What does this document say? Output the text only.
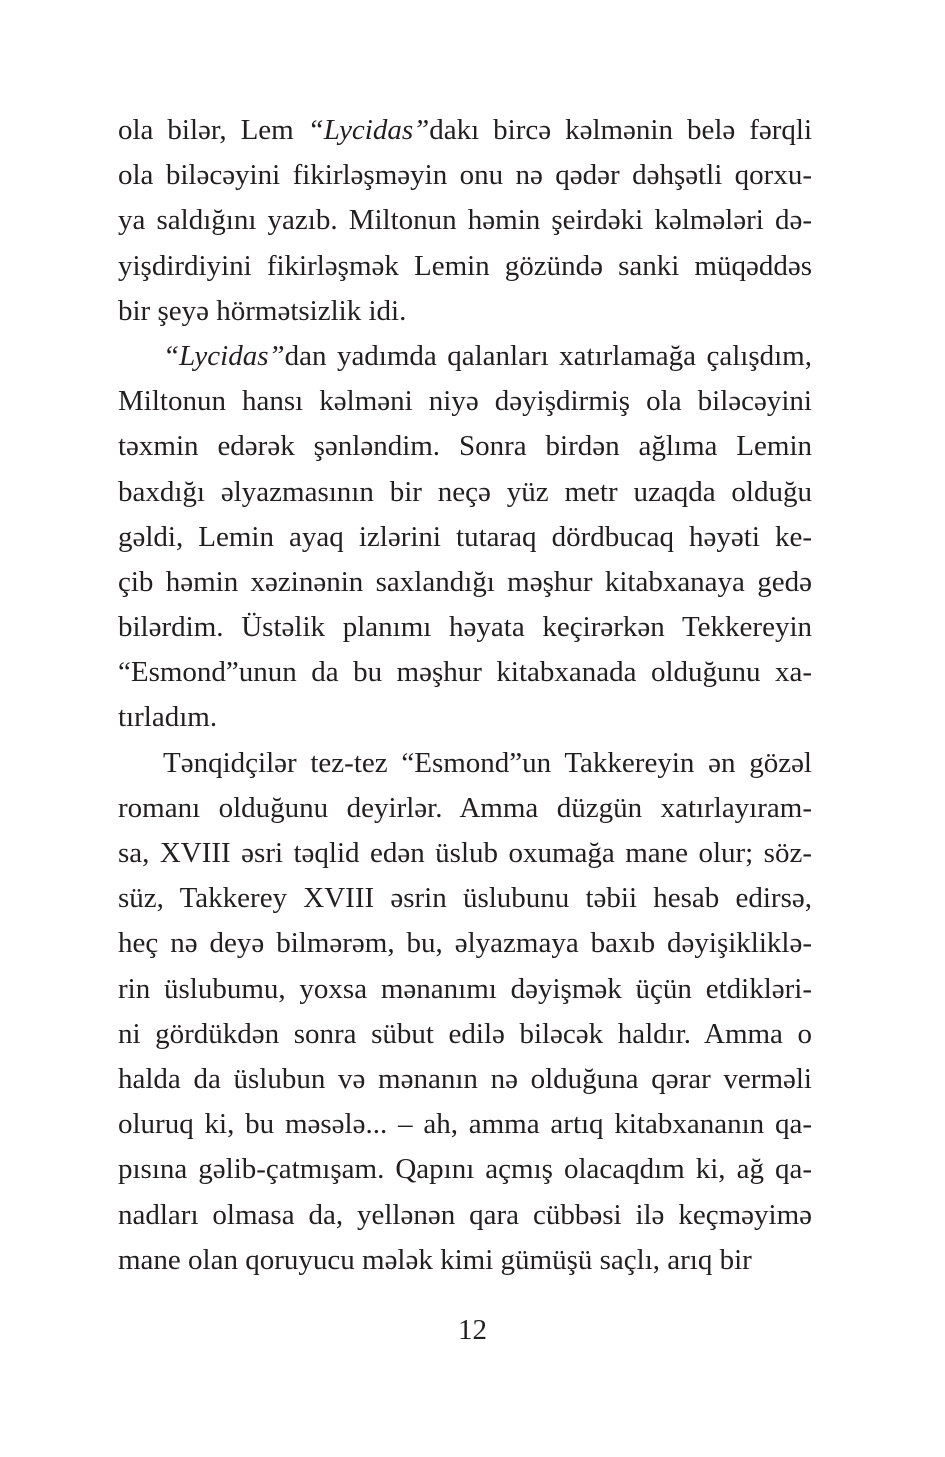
ola bilər, Lem “Lycidas”dakı bircə kəlmənin belə fərqli
ola biləcəyini fikirləşməyin onu nə qədər dəhşətli qorxu-
ya saldığını yazıb. Miltonun həmin şeirdəki kəlmələri də-
yişdirdiyini fikirləşmək Lemin gözündə sanki müqəddəs
bir şeyə hörmətsizlik idi.
“Lycidas”dan yadımda qalanları xatırlamağa çalışdım,
Miltonun hansı kəlməni niyə dəyişdirmiş ola biləcəyini
təxmin edərək şənləndim. Sonra birdən ağlıma Lemin
baxdığı əlyazmasının bir neçə yüz metr uzaqda olduğu
gəldi, Lemin ayaq izlərini tutaraq dördbucaq həyəti ke-
çib həmin xəzinənin saxlandığı məşhur kitabxanaya gedə
bilərdim. Üstəlik planımı həyata keçirərkən Tekkereyin
“Esmond”unun da bu məşhur kitabxanada olduğunu xa-
tırladım.
Tənqidçilər tez-tez “Esmond”un Takkereyin ən gözəl
romanı olduğunu deyirlər. Amma düzgün xatırlayıram-
sa, XVIII əsri təqlid edən üslub oxumağa mane olur; söz-
süz, Takkerey XVIII əsrin üslubunu təbii hesab edirsə,
heç nə deyə bilmərəm, bu, əlyazmaya baxıb dəyişikliklə-
rin üslubumu, yoxsa mənanımı dəyişmək üçün etdikləri-
ni gördükdən sonra sübut edilə biləcək haldır. Amma o
halda da üslubun və mənanın nə olduğuna qərar verməli
oluruq ki, bu məsələ... – ah, amma artıq kitabxananın qa-
pısına gəlib-çatmışam. Qapını açmış olacaqdım ki, ağ qa-
nadları olmasa da, yellənən qara cübbəsi ilə keçməyimə
mane olan qoruyucu mələk kimi gümüşü saçlı, arıq bir
12
